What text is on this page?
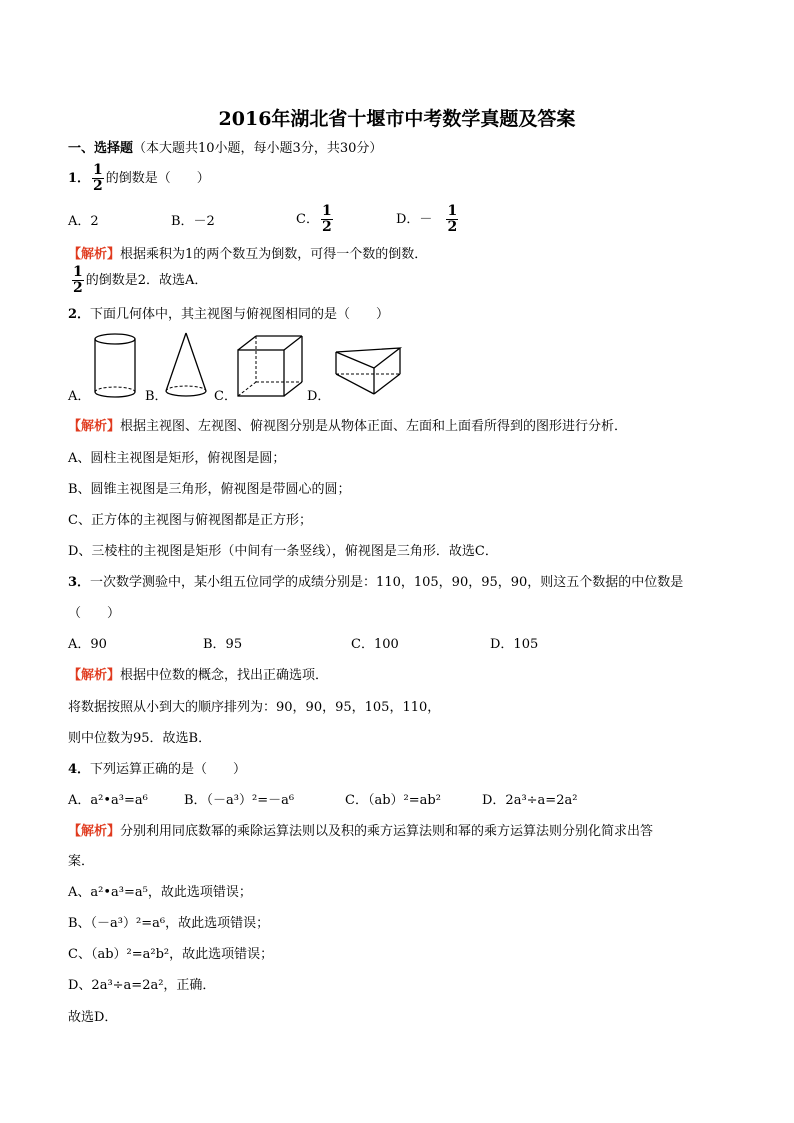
2016年湖北省十堰市中考数学真题及答案
一、选择题（本大题共10小题，每小题3分，共30分）
1． $\frac{1}{2}$ 的倒数是（　　）
A．2	B．－2	C． $\frac{1}{2}$	D．－ $\frac{1}{2}$
【解析】根据乘积为1的两个数互为倒数，可得一个数的倒数．
$\frac{1}{2}$ 的倒数是2．故选A．
2．下面几何体中，其主视图与俯视图相同的是（　　）
A．	B．	C．	D．
【解析】根据主视图、左视图、俯视图分别是从物体正面、左面和上面看所得到的图形进行分析．
A、圆柱主视图是矩形，俯视图是圆；
B、圆锥主视图是三角形，俯视图是带圆心的圆；
C、正方体的主视图与俯视图都是正方形；
D、三棱柱的主视图是矩形（中间有一条竖线），俯视图是三角形．故选C．
3．一次数学测验中，某小组五位同学的成绩分别是：110，105，90，95，90，则这五个数据的中位数是
（　　）
A．90	B．95	C．100	D．105
【解析】根据中位数的概念，找出正确选项．
将数据按照从小到大的顺序排列为：90，90，95，105，110，
则中位数为95．故选B．
4．下列运算正确的是（　　）
A．a²•a³=a⁶	B．（－a³）²=－a⁶	C．（ab）²=ab²	D．2a³÷a=2a²
【解析】分别利用同底数幂的乘除运算法则以及积的乘方运算法则和幂的乘方运算法则分别化简求出答
案．
A、a²•a³=a⁵，故此选项错误；
B、（－a³）²=a⁶，故此选项错误；
C、（ab）²=a²b²，故此选项错误；
D、2a³÷a=2a²，正确．
故选D．
